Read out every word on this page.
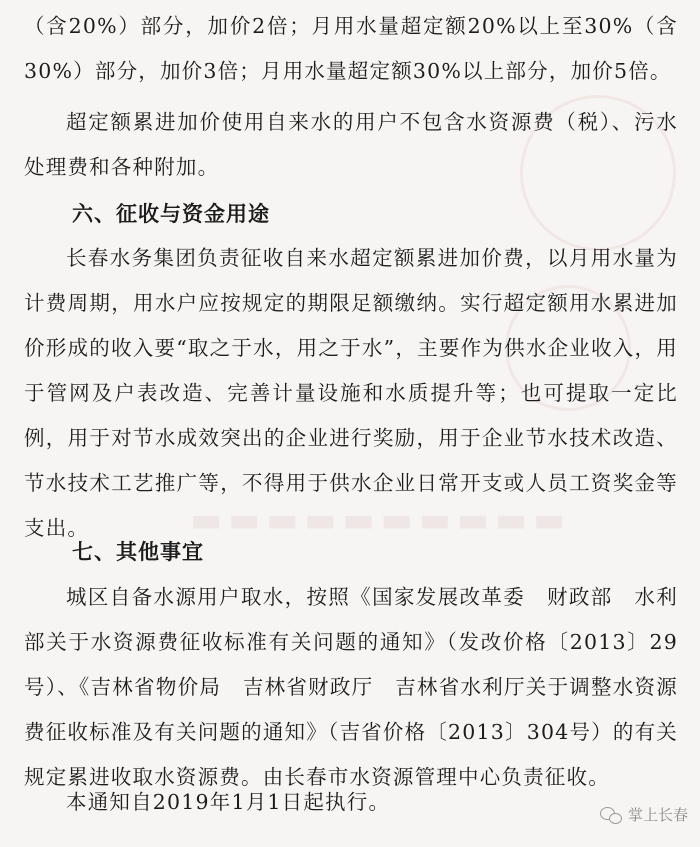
▬▬▬▬▬▬▬▬▬▬

（含20%）部分，加价2倍；月用水量超定额20%以上至30%（含30%）部分，加价3倍；月用水量超定额30%以上部分，加价5倍。

超定额累进加价使用自来水的用户不包含水资源费（税）、污水处理费和各种附加。

六、征收与资金用途

长春水务集团负责征收自来水超定额累进加价费，以月用水量为计费周期，用水户应按规定的期限足额缴纳。实行超定额用水累进加价形成的收入要“取之于水，用之于水”，主要作为供水企业收入，用于管网及户表改造、完善计量设施和水质提升等；也可提取一定比例，用于对节水成效突出的企业进行奖励，用于企业节水技术改造、节水技术工艺推广等，不得用于供水企业日常开支或人员工资奖金等支出。

七、其他事宜

城区自备水源用户取水，按照《国家发展改革委　财政部　水利部关于水资源费征收标准有关问题的通知》（发改价格〔2013〕29号）、《吉林省物价局　吉林省财政厅　吉林省水利厅关于调整水资源费征收标准及有关问题的通知》（吉省价格〔2013〕304号）的有关规定累进收取水资源费。由长春市水资源管理中心负责征收。

本通知自2019年1月1日起执行。

掌上长春
